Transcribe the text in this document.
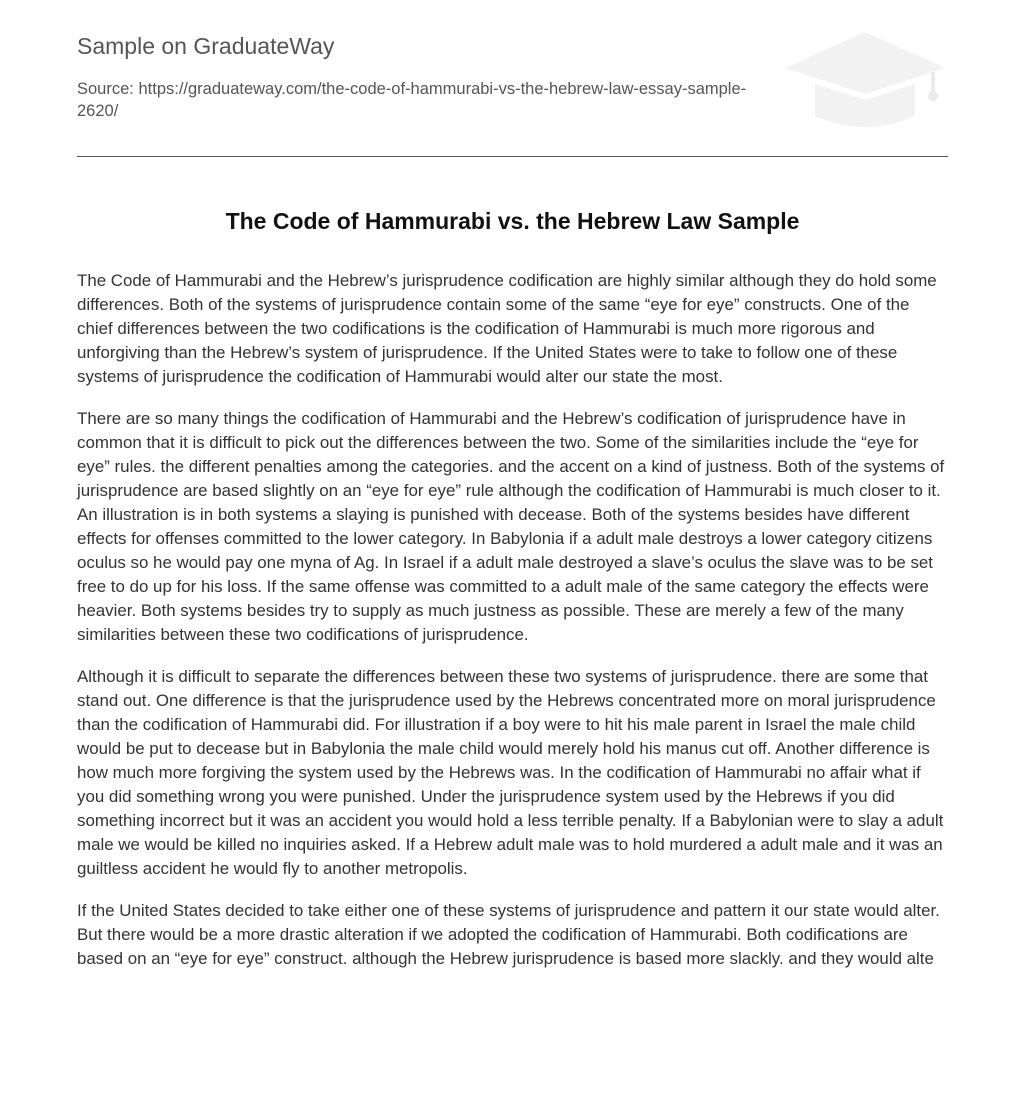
Sample on GraduateWay
Source: https://graduateway.com/the-code-of-hammurabi-vs-the-hebrew-law-essay-sample-2620/
The Code of Hammurabi vs. the Hebrew Law Sample

The Code of Hammurabi and the Hebrew’s jurisprudence codification are highly similar although they do hold some differences. Both of the systems of jurisprudence contain some of the same “eye for eye” constructs. One of the chief differences between the two codifications is the codification of Hammurabi is much more rigorous and unforgiving than the Hebrew’s system of jurisprudence. If the United States were to take to follow one of these systems of jurisprudence the codification of Hammurabi would alter our state the most.

There are so many things the codification of Hammurabi and the Hebrew’s codification of jurisprudence have in common that it is difficult to pick out the differences between the two. Some of the similarities include the “eye for eye” rules. the different penalties among the categories. and the accent on a kind of justness. Both of the systems of jurisprudence are based slightly on an “eye for eye” rule although the codification of Hammurabi is much closer to it. An illustration is in both systems a slaying is punished with decease. Both of the systems besides have different effects for offenses committed to the lower category. In Babylonia if a adult male destroys a lower category citizens oculus so he would pay one myna of Ag. In Israel if a adult male destroyed a slave’s oculus the slave was to be set free to do up for his loss. If the same offense was committed to a adult male of the same category the effects were heavier. Both systems besides try to supply as much justness as possible. These are merely a few of the many similarities between these two codifications of jurisprudence.

Although it is difficult to separate the differences between these two systems of jurisprudence. there are some that stand out. One difference is that the jurisprudence used by the Hebrews concentrated more on moral jurisprudence than the codification of Hammurabi did. For illustration if a boy were to hit his male parent in Israel the male child would be put to decease but in Babylonia the male child would merely hold his manus cut off. Another difference is how much more forgiving the system used by the Hebrews was. In the codification of Hammurabi no affair what if you did something wrong you were punished. Under the jurisprudence system used by the Hebrews if you did something incorrect but it was an accident you would hold a less terrible penalty. If a Babylonian were to slay a adult male we would be killed no inquiries asked. If a Hebrew adult male was to hold murdered a adult male and it was an guiltless accident he would fly to another metropolis.

If the United States decided to take either one of these systems of jurisprudence and pattern it our state would alter. But there would be a more drastic alteration if we adopted the codification of Hammurabi. Both codifications are based on an “eye for eye” construct. although the Hebrew jurisprudence is based more slackly. and they would alte
